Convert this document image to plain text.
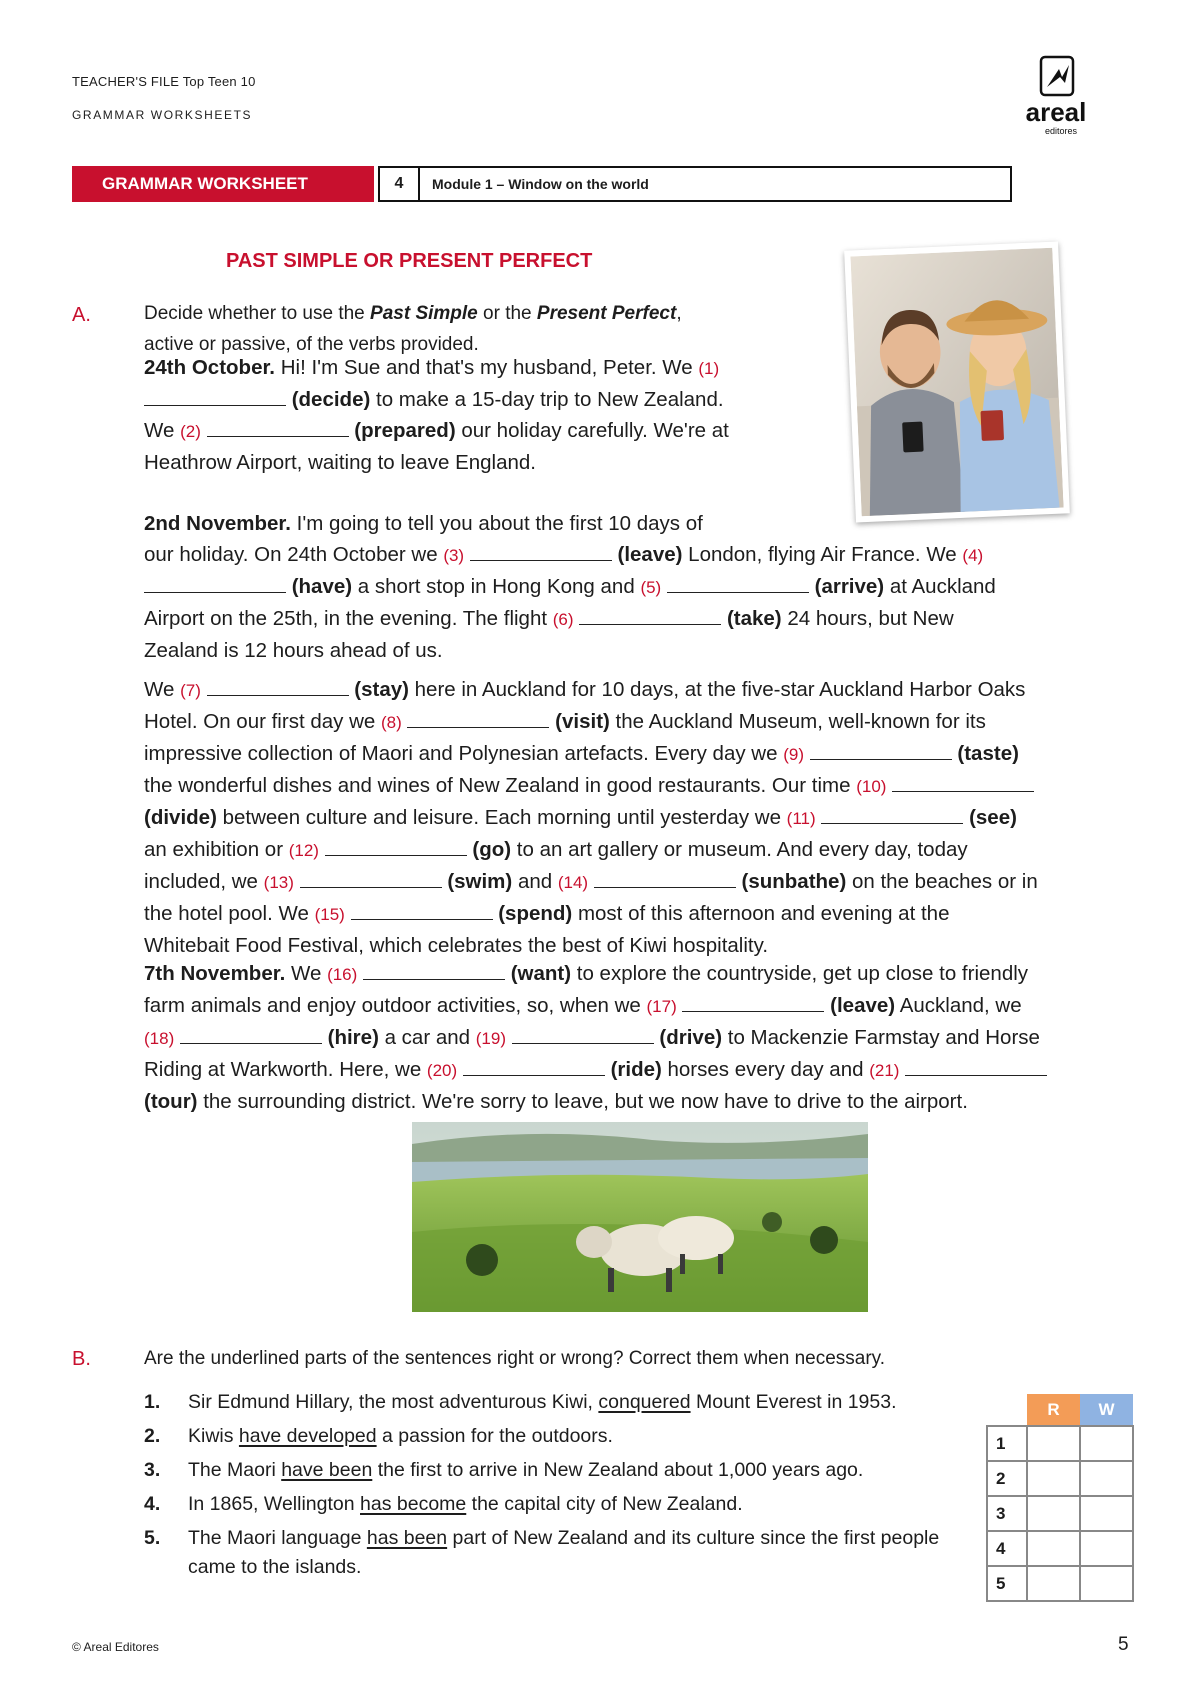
TEACHER'S FILE Top Teen 10
GRAMMAR WORKSHEETS	areal
editores
GRAMMAR WORKSHEET	4	Module 1 – Window on the world
PAST SIMPLE OR PRESENT PERFECT
A.	Decide whether to use the Past Simple or the Present Perfect,
active or passive, of the verbs provided.
24th October. Hi! I'm Sue and that's my husband, Peter. We (1)
(decide) to make a 15-day trip to New Zealand.
We (2)	(prepared) our holiday carefully. We're at
Heathrow Airport, waiting to leave England.
2nd November. I'm going to tell you about the first 10 days of
our holiday. On 24th October we (3)	(leave) London, flying Air France. We (4)
(have) a short stop in Hong Kong and (5)	(arrive) at Auckland
Airport on the 25th, in the evening. The flight (6)	(take) 24 hours, but New
Zealand is 12 hours ahead of us.
We (7)	(stay) here in Auckland for 10 days, at the five-star Auckland Harbor Oaks
Hotel. On our first day we (8)	(visit) the Auckland Museum, well-known for its
impressive collection of Maori and Polynesian artefacts. Every day we (9)	(taste)
the wonderful dishes and wines of New Zealand in good restaurants. Our time (10)
(divide) between culture and leisure. Each morning until yesterday we (11)	(see)
an exhibition or (12)	(go) to an art gallery or museum. And every day, today
included, we (13)	(swim) and (14)	(sunbathe) on the beaches or in
the hotel pool. We (15)	(spend) most of this afternoon and evening at the
Whitebait Food Festival, which celebrates the best of Kiwi hospitality.
7th November. We (16)	(want) to explore the countryside, get up close to friendly
farm animals and enjoy outdoor activities, so, when we (17)	(leave) Auckland, we
(18)	(hire) a car and (19)	(drive) to Mackenzie Farmstay and Horse
Riding at Warkworth. Here, we (20)	(ride) horses every day and (21)
(tour) the surrounding district. We're sorry to leave, but we now have to drive to the airport.
B.	Are the underlined parts of the sentences right or wrong? Correct them when necessary.
1.	Sir Edmund Hillary, the most adventurous Kiwi, conquered Mount Everest in 1953.
2.	Kiwis have developed a passion for the outdoors.
3.	The Maori have been the first to arrive in New Zealand about 1,000 years ago.
4.	In 1865, Wellington has become the capital city of New Zealand.
5.	The Maori language has been part of New Zealand and its culture since the first people came to the islands.
	R	W
1		
2		
3		
4		
5		
© Areal Editores	5
